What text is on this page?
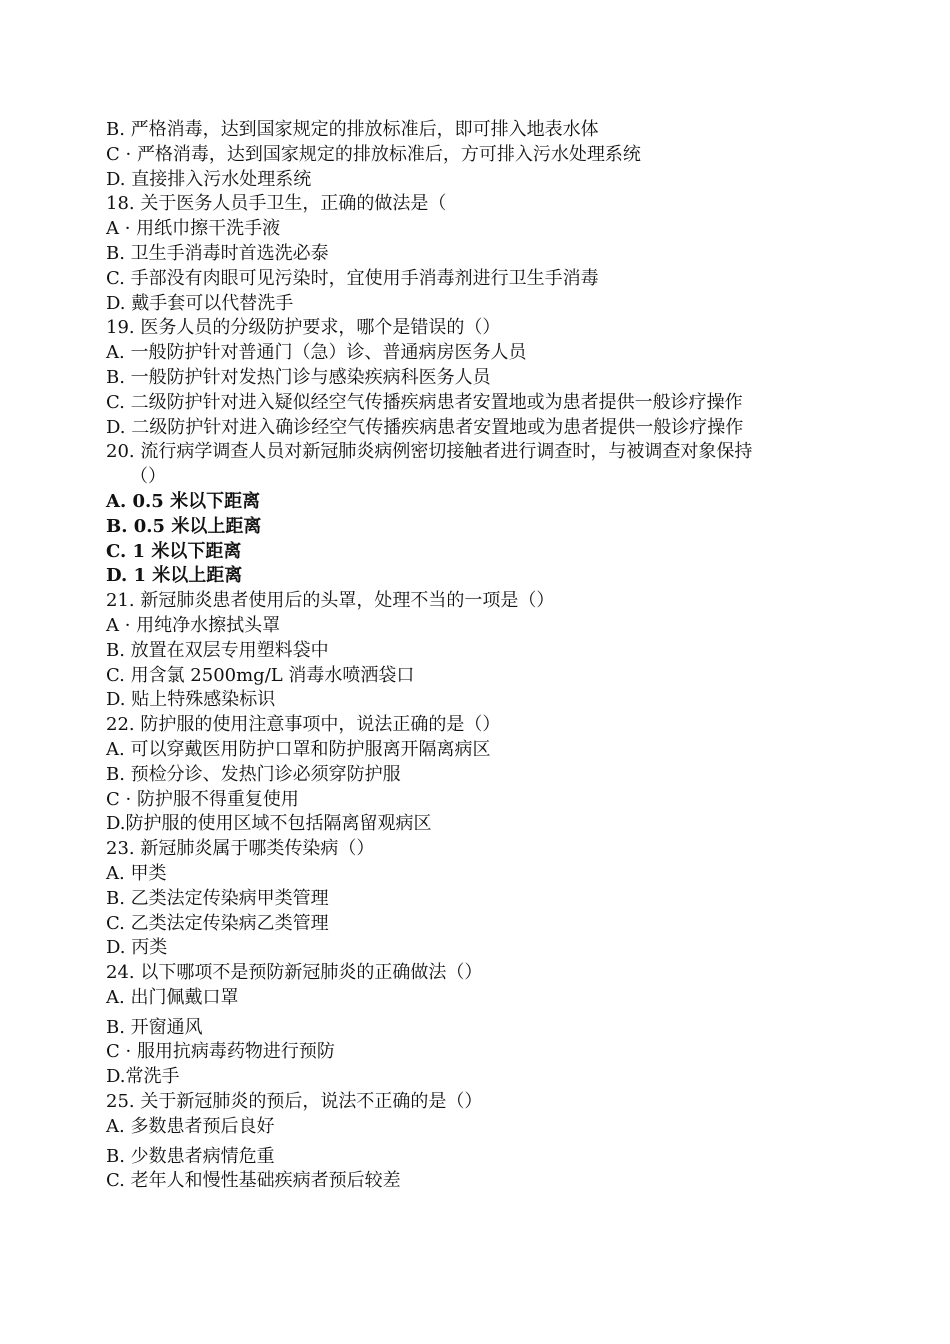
B. 严格消毒，达到国家规定的排放标准后，即可排入地表水体
C · 严格消毒，达到国家规定的排放标准后，方可排入污水处理系统
D. 直接排入污水处理系统
18. 关于医务人员手卫生，正确的做法是（
A · 用纸巾擦干洗手液
B. 卫生手消毒时首选洗必泰
C. 手部没有肉眼可见污染时，宜使用手消毒剂进行卫生手消毒
D. 戴手套可以代替洗手
19. 医务人员的分级防护要求，哪个是错误的（）
A. 一般防护针对普通门（急）诊、普通病房医务人员
B. 一般防护针对发热门诊与感染疾病科医务人员
C. 二级防护针对进入疑似经空气传播疾病患者安置地或为患者提供一般诊疗操作
D. 二级防护针对进入确诊经空气传播疾病患者安置地或为患者提供一般诊疗操作
20. 流行病学调查人员对新冠肺炎病例密切接触者进行调查时，与被调查对象保持
（）
A. 0.5 米以下距离
B. 0.5 米以上距离
C. 1 米以下距离
D. 1 米以上距离
21. 新冠肺炎患者使用后的头罩，处理不当的一项是（）
A · 用纯净水擦拭头罩
B. 放置在双层专用塑料袋中
C. 用含氯 2500mg/L 消毒水喷洒袋口
D. 贴上特殊感染标识
22. 防护服的使用注意事项中，说法正确的是（）
A. 可以穿戴医用防护口罩和防护服离开隔离病区
B. 预检分诊、发热门诊必须穿防护服
C · 防护服不得重复使用
D.防护服的使用区域不包括隔离留观病区
23. 新冠肺炎属于哪类传染病（）
A. 甲类
B. 乙类法定传染病甲类管理
C. 乙类法定传染病乙类管理
D. 丙类
24. 以下哪项不是预防新冠肺炎的正确做法（）
A. 出门佩戴口罩
B. 开窗通风
C · 服用抗病毒药物进行预防
D.常洗手
25. 关于新冠肺炎的预后，说法不正确的是（）
A. 多数患者预后良好
B. 少数患者病情危重
C. 老年人和慢性基础疾病者预后较差
